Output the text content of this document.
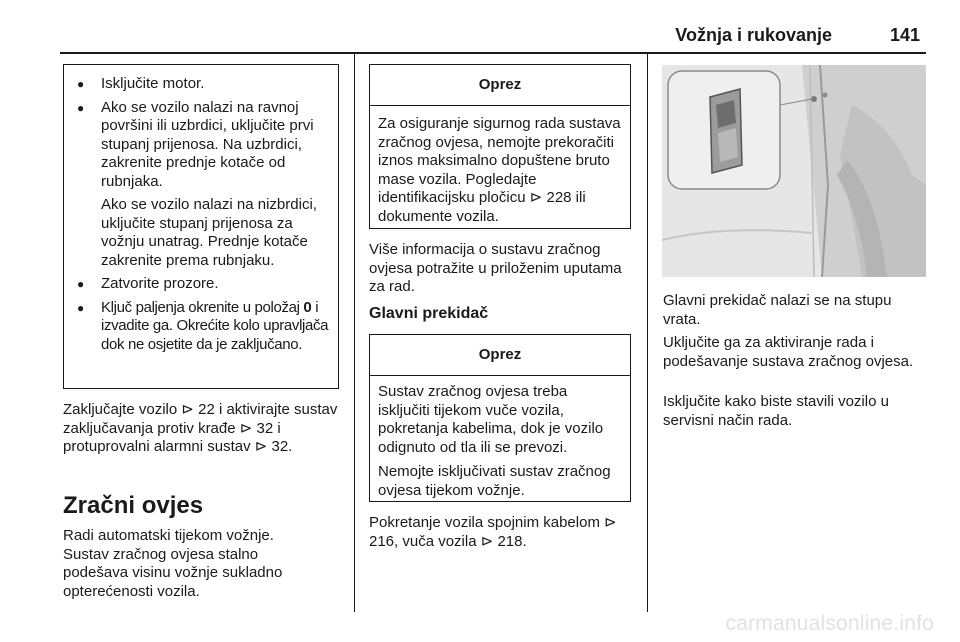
Vožnja i rukovanje	141
● Isključite motor.
● Ako se vozilo nalazi na ravnoj površini ili uzbrdici, uključite prvi stupanj prijenosa. Na uzbrdici, zakrenite prednje kotače od rubnjaka.
Ako se vozilo nalazi na nizbrdici, uključite stupanj prijenosa za vožnju unatrag. Prednje kotače zakrenite prema rubnjaku.
● Zatvorite prozore.
● Ključ paljenja okrenite u položaj 0 i izvadite ga. Okrećite kolo upravljača dok ne osjetite da je zaključano.

Zaključajte vozilo ⊳ 22 i aktivirajte sustav zaključavanja protiv krađe ⊳ 32 i protuprovalni alarmni sustav ⊳ 32.

Zračni ovjes

Radi automatski tijekom vožnje. Sustav zračnog ovjesa stalno podešava visinu vožnje sukladno opterećenosti vozila.

Oprez

Za osiguranje sigurnog rada sustava zračnog ovjesa, nemojte prekoračiti iznos maksimalno dopuštene bruto mase vozila. Pogledajte identifikacijsku pločicu ⊳ 228 ili dokumente vozila.

Više informacija o sustavu zračnog ovjesa potražite u priloženim uputama za rad.

Glavni prekidač
Oprez

Sustav zračnog ovjesa treba isključiti tijekom vuče vozila, pokretanja kabelima, dok je vozilo odignuto od tla ili se prevozi.

Nemojte isključivati sustav zračnog ovjesa tijekom vožnje.

Pokretanje vozila spojnim kabelom ⊳ 216, vuča vozila ⊳ 218.

Glavni prekidač nalazi se na stupu vrata.

Uključite ga za aktiviranje rada i podešavanje sustava zračnog ovjesa.

Isključite kako biste stavili vozilo u servisni način rada.

carmanualsonline.info
